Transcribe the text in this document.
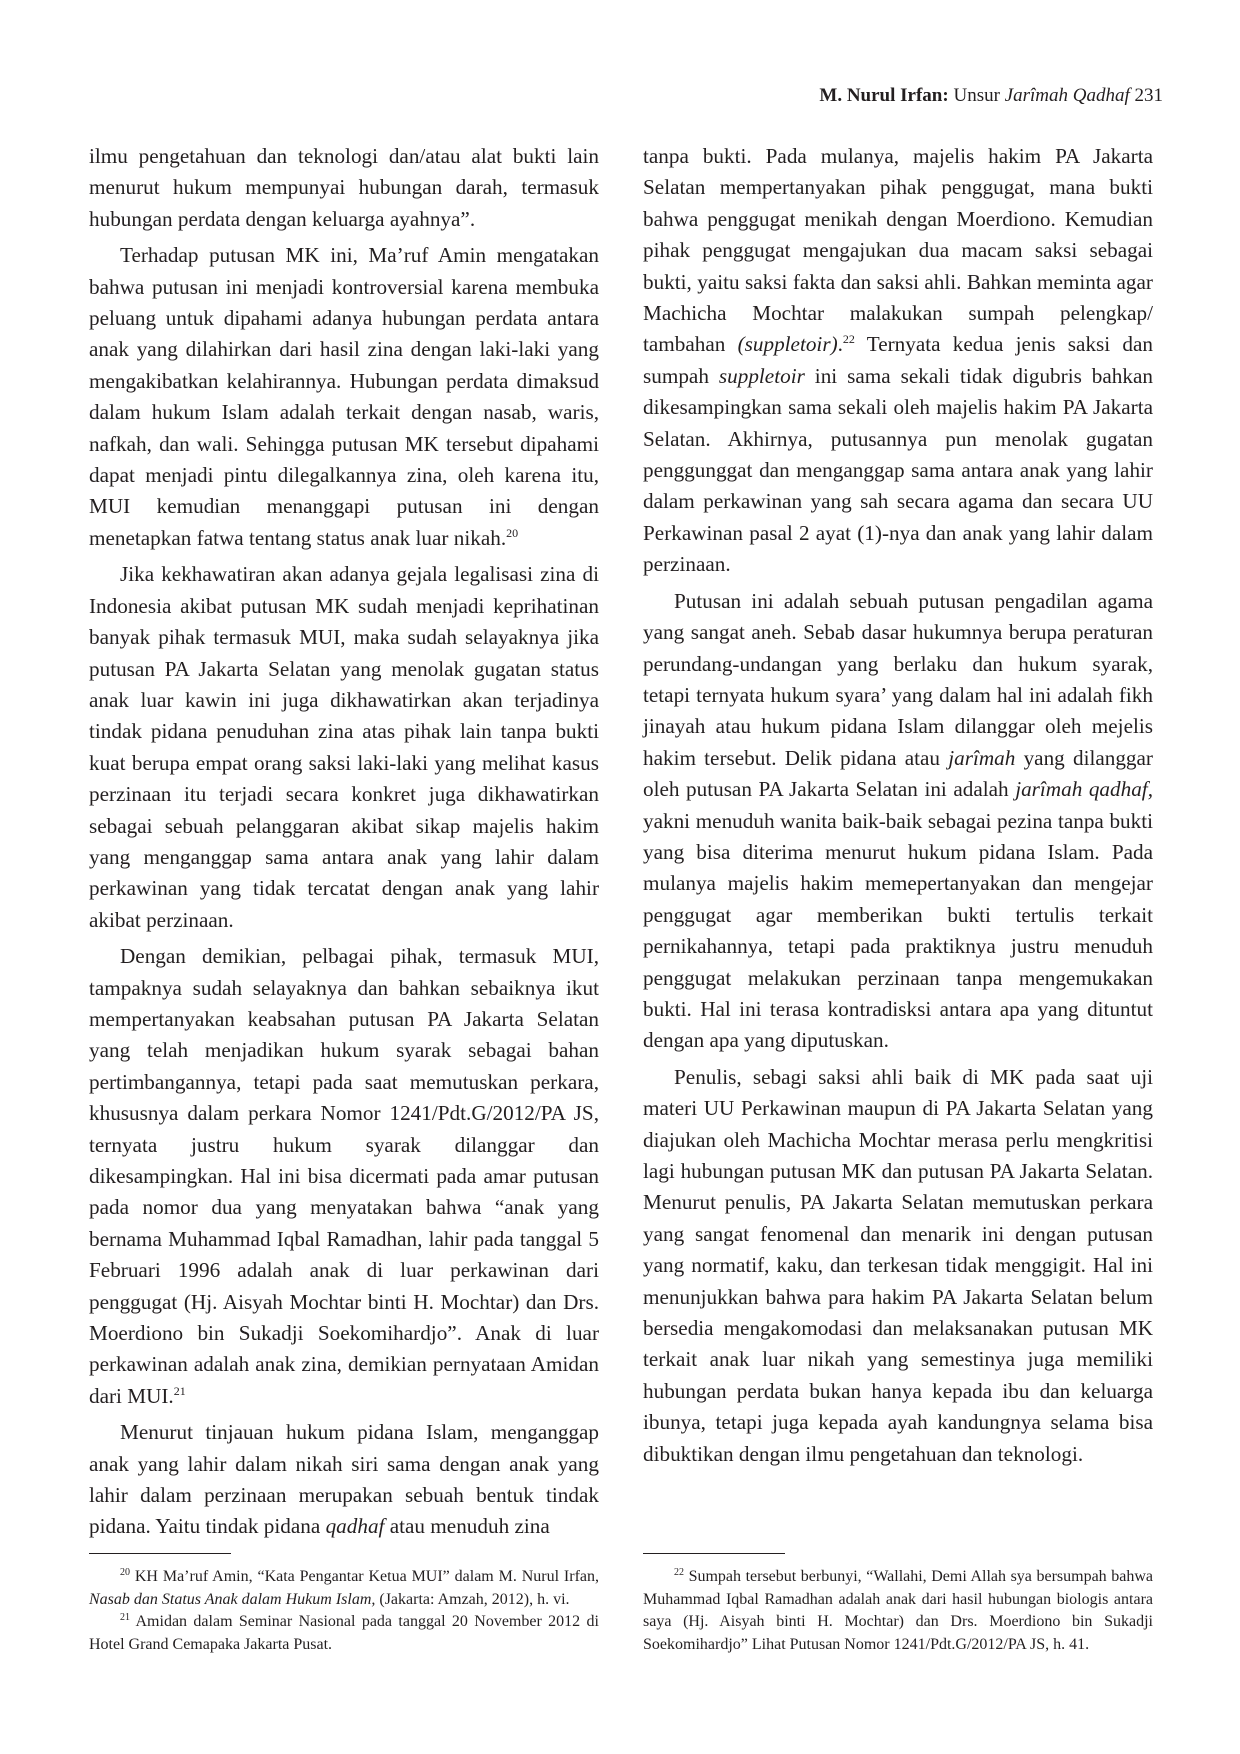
M. Nurul Irfan: Unsur Jarîmah Qadhaf 231

ilmu pengetahuan dan teknologi dan/atau alat bukti lain menurut hukum mempunyai hubungan darah, termasuk hubungan perdata dengan keluarga ayahnya”.

Terhadap putusan MK ini, Ma’ruf Amin mengatakan bahwa putusan ini menjadi kontroversial karena membuka peluang untuk dipahami adanya hubungan perdata antara anak yang dilahirkan dari hasil zina dengan laki-laki yang mengakibatkan kelahirannya. Hubungan perdata dimaksud dalam hukum Islam adalah terkait dengan nasab, waris, nafkah, dan wali. Sehingga putusan MK tersebut dipahami dapat menjadi pintu dilegalkannya zina, oleh karena itu, MUI kemudian menanggapi putusan ini dengan menetapkan fatwa tentang status anak luar nikah.$^{20}$

Jika kekhawatiran akan adanya gejala legalisasi zina di Indonesia akibat putusan MK sudah menjadi keprihatinan banyak pihak termasuk MUI, maka sudah selayaknya jika putusan PA Jakarta Selatan yang menolak gugatan status anak luar kawin ini juga dikhawatirkan akan terjadinya tindak pidana penuduhan zina atas pihak lain tanpa bukti kuat berupa empat orang saksi laki-laki yang melihat kasus perzinaan itu terjadi secara konkret juga dikhawatirkan sebagai sebuah pelanggaran akibat sikap majelis hakim yang menganggap sama antara anak yang lahir dalam perkawinan yang tidak tercatat dengan anak yang lahir akibat perzinaan.

Dengan demikian, pelbagai pihak, termasuk MUI, tampaknya sudah selayaknya dan bahkan sebaiknya ikut mempertanyakan keabsahan putusan PA Jakarta Selatan yang telah menjadikan hukum syarak sebagai bahan pertimbangannya, tetapi pada saat memutuskan perkara, khususnya dalam perkara Nomor 1241/Pdt.G/2012/PA JS, ternyata justru hukum syarak dilanggar dan dikesampingkan. Hal ini bisa dicermati pada amar putusan pada nomor dua yang menyatakan bahwa “anak yang bernama Muhammad Iqbal Ramadhan, lahir pada tanggal 5 Februari 1996 adalah anak di luar perkawinan dari penggugat (Hj. Aisyah Mochtar binti H. Mochtar) dan Drs. Moerdiono bin Sukadji Soekomihardjo”. Anak di luar perkawinan adalah anak zina, demikian pernyataan Amidan dari MUI.$^{21}$

Menurut tinjauan hukum pidana Islam, menganggap anak yang lahir dalam nikah siri sama dengan anak yang lahir dalam perzinaan merupakan sebuah bentuk tindak pidana. Yaitu tindak pidana qadhaf atau menuduh zina

tanpa bukti. Pada mulanya, majelis hakim PA Jakarta Selatan mempertanyakan pihak penggugat, mana bukti bahwa penggugat menikah dengan Moerdiono. Kemudian pihak penggugat mengajukan dua macam saksi sebagai bukti, yaitu saksi fakta dan saksi ahli. Bahkan meminta agar Machicha Mochtar malakukan sumpah pelengkap/ tambahan (suppletoir).$^{22}$ Ternyata kedua jenis saksi dan sumpah suppletoir ini sama sekali tidak digubris bahkan dikesampingkan sama sekali oleh majelis hakim PA Jakarta Selatan. Akhirnya, putusannya pun menolak gugatan penggunggat dan menganggap sama antara anak yang lahir dalam perkawinan yang sah secara agama dan secara UU Perkawinan pasal 2 ayat (1)-nya dan anak yang lahir dalam perzinaan.

Putusan ini adalah sebuah putusan pengadilan agama yang sangat aneh. Sebab dasar hukumnya berupa peraturan perundang-undangan yang berlaku dan hukum syarak, tetapi ternyata hukum syara’ yang dalam hal ini adalah fikh jinayah atau hukum pidana Islam dilanggar oleh mejelis hakim tersebut. Delik pidana atau jarîmah yang dilanggar oleh putusan PA Jakarta Selatan ini adalah jarîmah qadhaf, yakni menuduh wanita baik-baik sebagai pezina tanpa bukti yang bisa diterima menurut hukum pidana Islam. Pada mulanya majelis hakim memepertanyakan dan mengejar penggugat agar memberikan bukti tertulis terkait pernikahannya, tetapi pada praktiknya justru menuduh penggugat melakukan perzinaan tanpa mengemukakan bukti. Hal ini terasa kontradisksi antara apa yang dituntut dengan apa yang diputuskan.

Penulis, sebagi saksi ahli baik di MK pada saat uji materi UU Perkawinan maupun di PA Jakarta Selatan yang diajukan oleh Machicha Mochtar merasa perlu mengkritisi lagi hubungan putusan MK dan putusan PA Jakarta Selatan. Menurut penulis, PA Jakarta Selatan memutuskan perkara yang sangat fenomenal dan menarik ini dengan putusan yang normatif, kaku, dan terkesan tidak menggigit. Hal ini menunjukkan bahwa para hakim PA Jakarta Selatan belum bersedia mengakomodasi dan melaksanakan putusan MK terkait anak luar nikah yang semestinya juga memiliki hubungan perdata bukan hanya kepada ibu dan keluarga ibunya, tetapi juga kepada ayah kandungnya selama bisa dibuktikan dengan ilmu pengetahuan dan teknologi.

$^{20}$ KH Ma’ruf Amin, “Kata Pengantar Ketua MUI” dalam M. Nurul Irfan, Nasab dan Status Anak dalam Hukum Islam, (Jakarta: Amzah, 2012), h. vi.

$^{21}$ Amidan dalam Seminar Nasional pada tanggal 20 November 2012 di Hotel Grand Cemapaka Jakarta Pusat.

$^{22}$ Sumpah tersebut berbunyi, “Wallahi, Demi Allah sya bersumpah bahwa Muhammad Iqbal Ramadhan adalah anak dari hasil hubungan biologis antara saya (Hj. Aisyah binti H. Mochtar) dan Drs. Moerdiono bin Sukadji Soekomihardjo” Lihat Putusan Nomor 1241/Pdt.G/2012/PA JS, h. 41.
